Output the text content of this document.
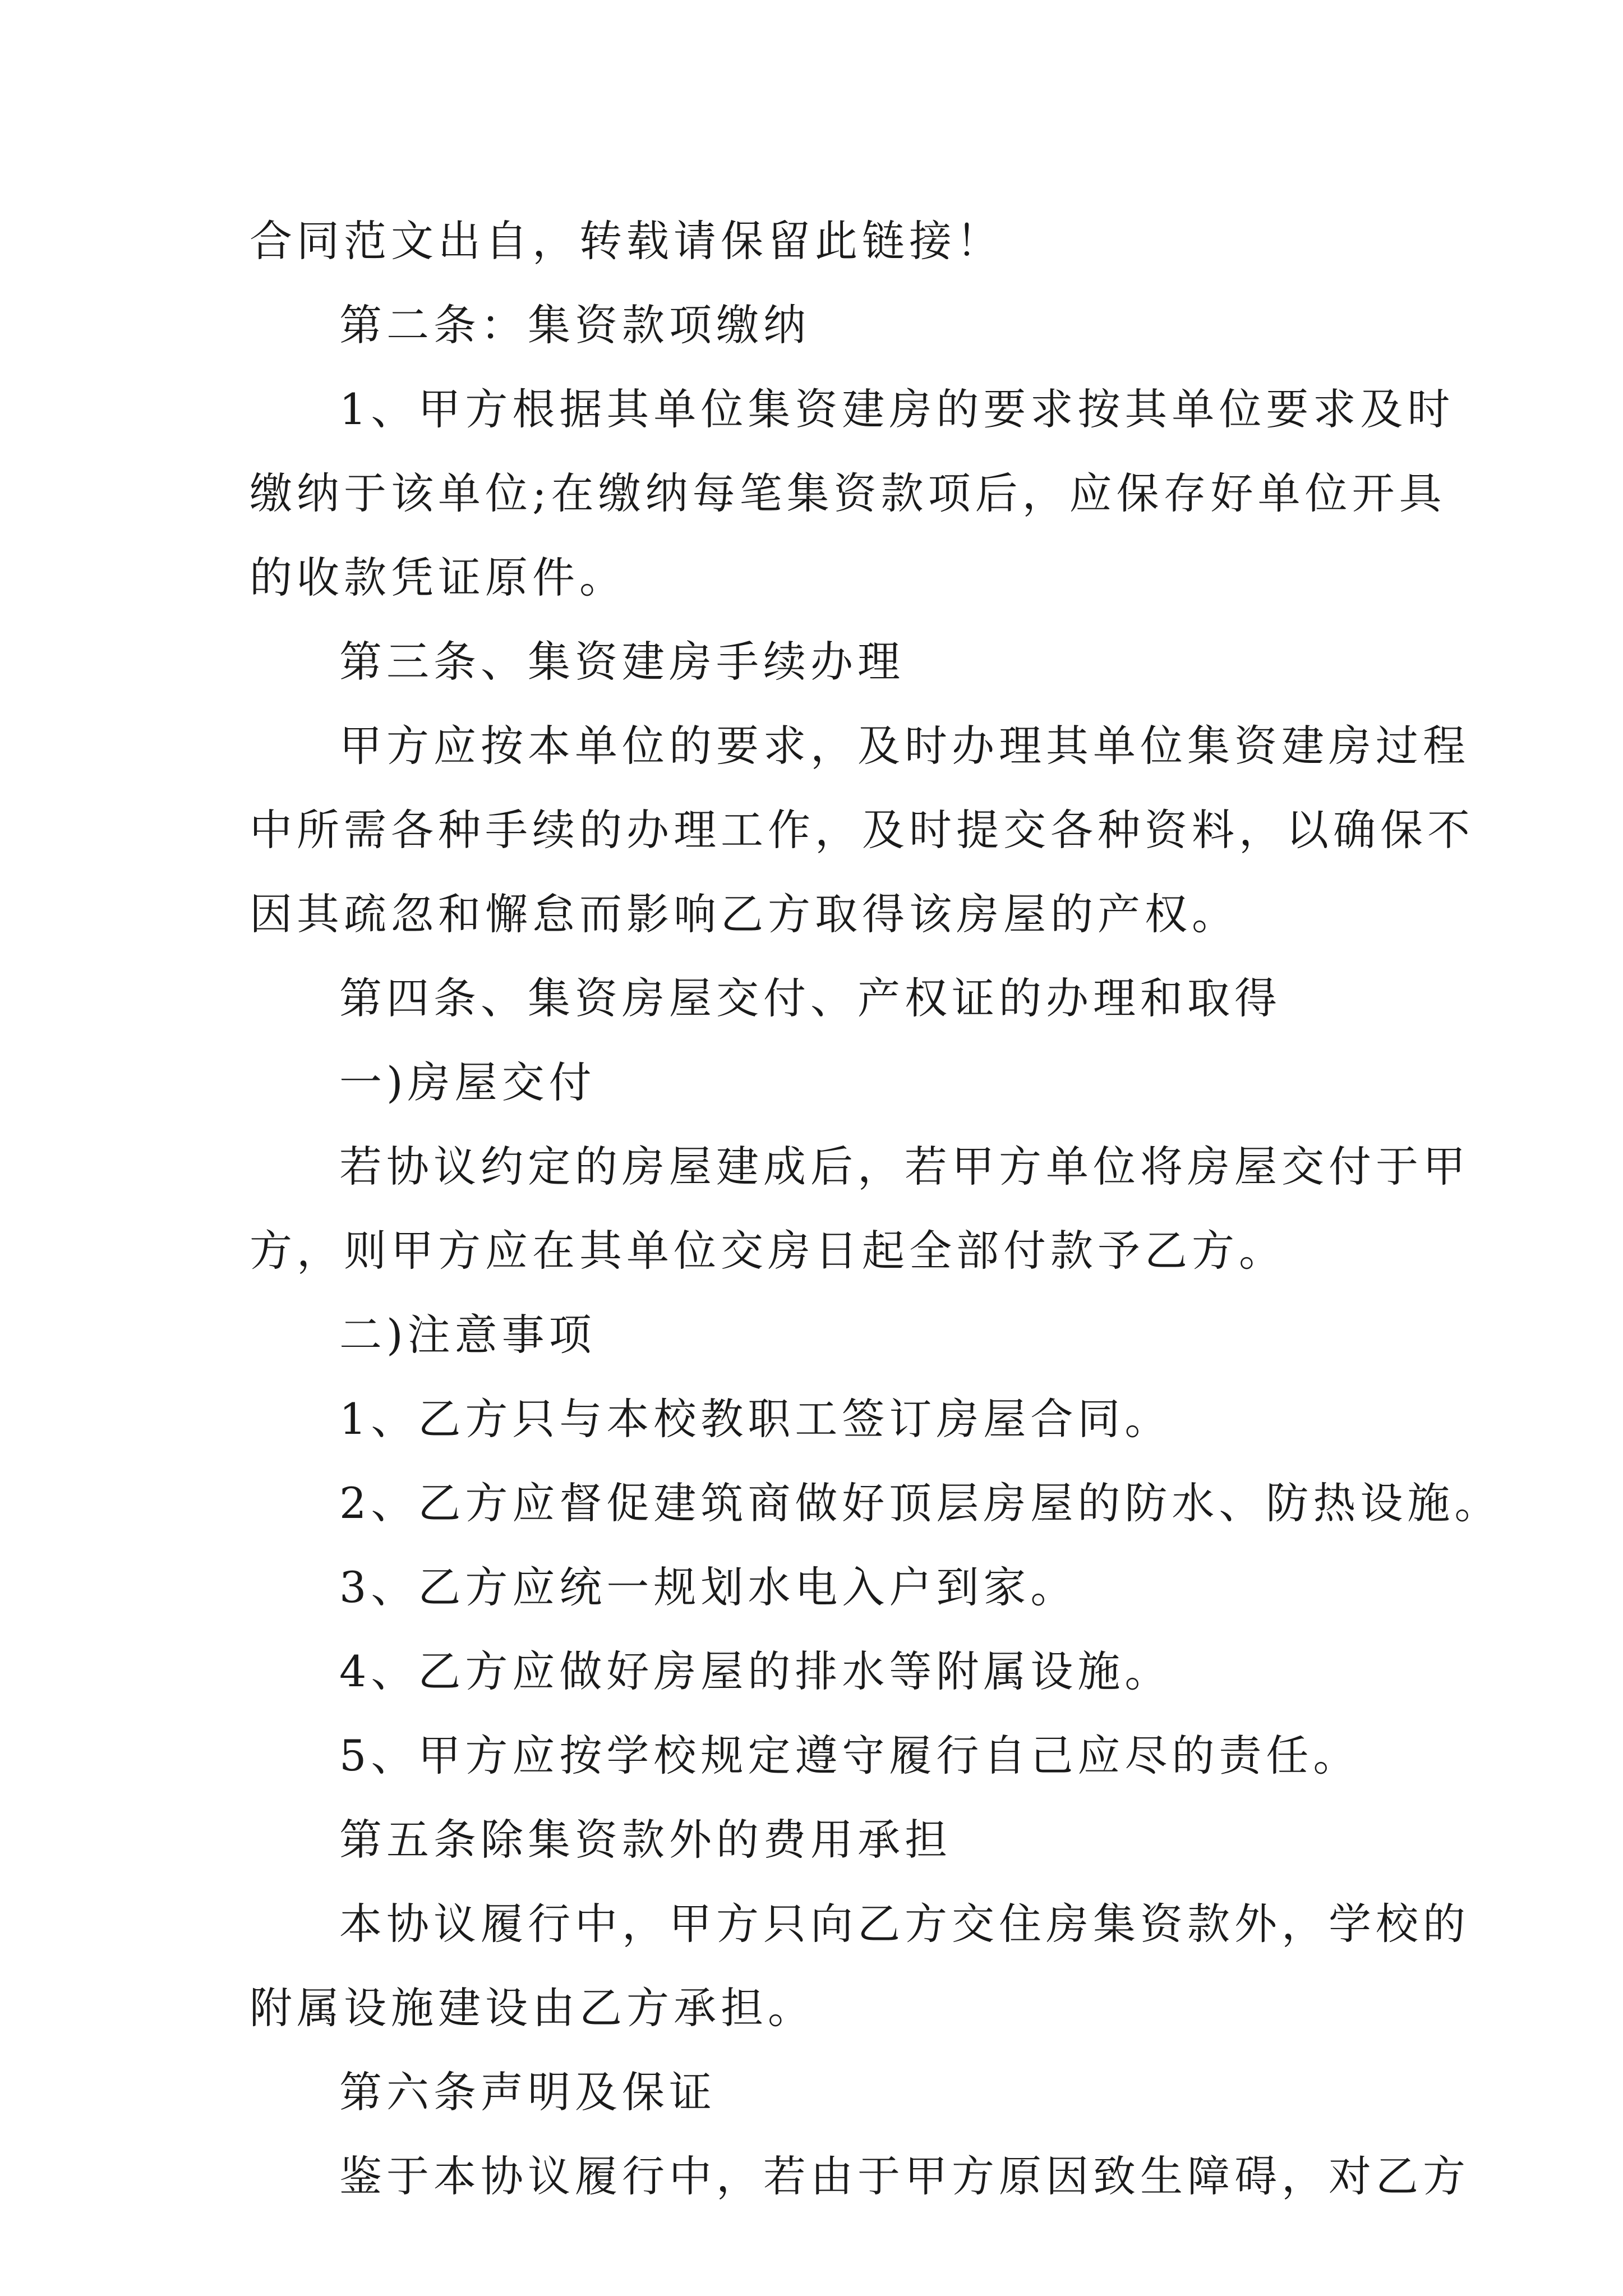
合同范文出自，转载请保留此链接！
第二条：集资款项缴纳
1、甲方根据其单位集资建房的要求按其单位要求及时
缴纳于该单位;在缴纳每笔集资款项后，应保存好单位开具
的收款凭证原件。
第三条、集资建房手续办理
甲方应按本单位的要求，及时办理其单位集资建房过程
中所需各种手续的办理工作，及时提交各种资料，以确保不
因其疏忽和懈怠而影响乙方取得该房屋的产权。
第四条、集资房屋交付、产权证的办理和取得
一)房屋交付
若协议约定的房屋建成后，若甲方单位将房屋交付于甲
方，则甲方应在其单位交房日起全部付款予乙方。
二)注意事项
1、乙方只与本校教职工签订房屋合同。
2、乙方应督促建筑商做好顶层房屋的防水、防热设施。
3、乙方应统一规划水电入户到家。
4、乙方应做好房屋的排水等附属设施。
5、甲方应按学校规定遵守履行自己应尽的责任。
第五条除集资款外的费用承担
本协议履行中，甲方只向乙方交住房集资款外，学校的
附属设施建设由乙方承担。
第六条声明及保证
鉴于本协议履行中，若由于甲方原因致生障碍，对乙方
